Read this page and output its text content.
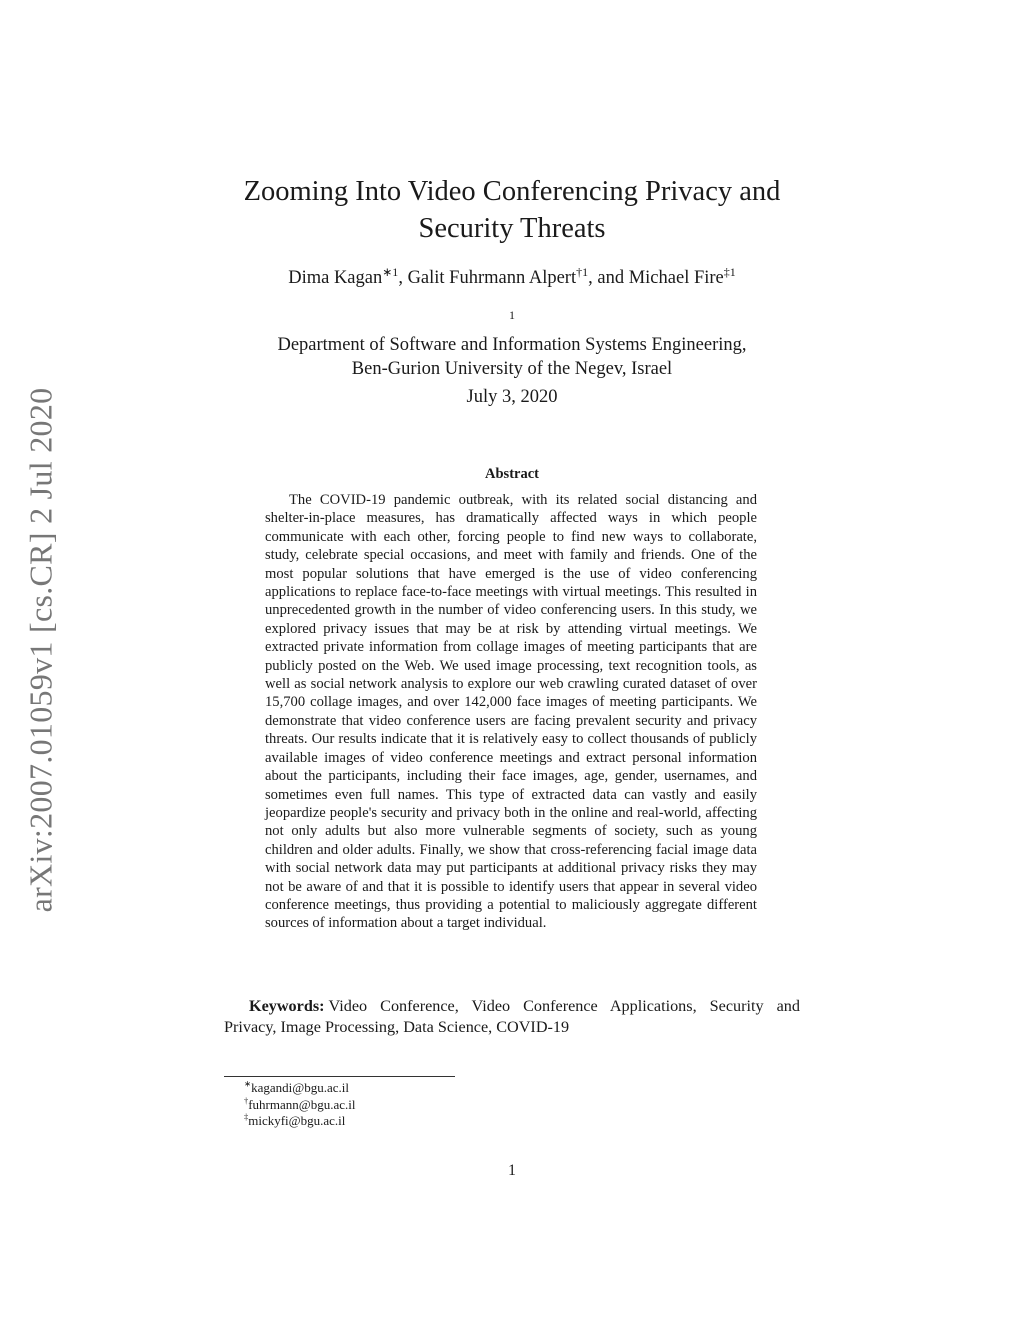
arXiv:2007.01059v1 [cs.CR] 2 Jul 2020
Zooming Into Video Conferencing Privacy and
Security Threats
Dima Kagan$^{∗1}$, Galit Fuhrmann Alpert$^{\dagger 1}$, and Michael Fire$^{\ddagger 1}$
$^1$
Department of Software and Information Systems Engineering,
Ben-Gurion University of the Negev, Israel
July 3, 2020
Abstract

The COVID-19 pandemic outbreak, with its related social distancing and shelter-in-place measures, has dramatically affected ways in which people communicate with each other, forcing people to find new ways to collaborate, study, celebrate special occasions, and meet with family and friends. One of the most popular solutions that have emerged is the use of video conferencing applications to replace face-to-face meetings with virtual meetings. This resulted in unprecedented growth in the number of video conferencing users. In this study, we explored privacy issues that may be at risk by attending virtual meetings. We extracted private information from collage images of meeting participants that are publicly posted on the Web. We used image processing, text recognition tools, as well as social network analysis to explore our web crawling curated dataset of over 15,700 collage images, and over 142,000 face images of meeting participants. We demonstrate that video conference users are facing prevalent security and privacy threats. Our results indicate that it is relatively easy to collect thousands of publicly available images of video conference meetings and extract personal information about the participants, including their face images, age, gender, usernames, and sometimes even full names. This type of extracted data can vastly and easily jeopardize people's security and privacy both in the online and real-world, affecting not only adults but also more vulnerable segments of society, such as young children and older adults. Finally, we show that cross-referencing facial image data with social network data may put participants at additional privacy risks they may not be aware of and that it is possible to identify users that appear in several video conference meetings, thus providing a potential to maliciously aggregate different sources of information about a target individual.

Keywords: Video Conference, Video Conference Applications, Security and Privacy, Image Processing, Data Science, COVID-19

∗kagandi@bgu.ac.il
†fuhrmann@bgu.ac.il
‡mickyfi@bgu.ac.il
1
